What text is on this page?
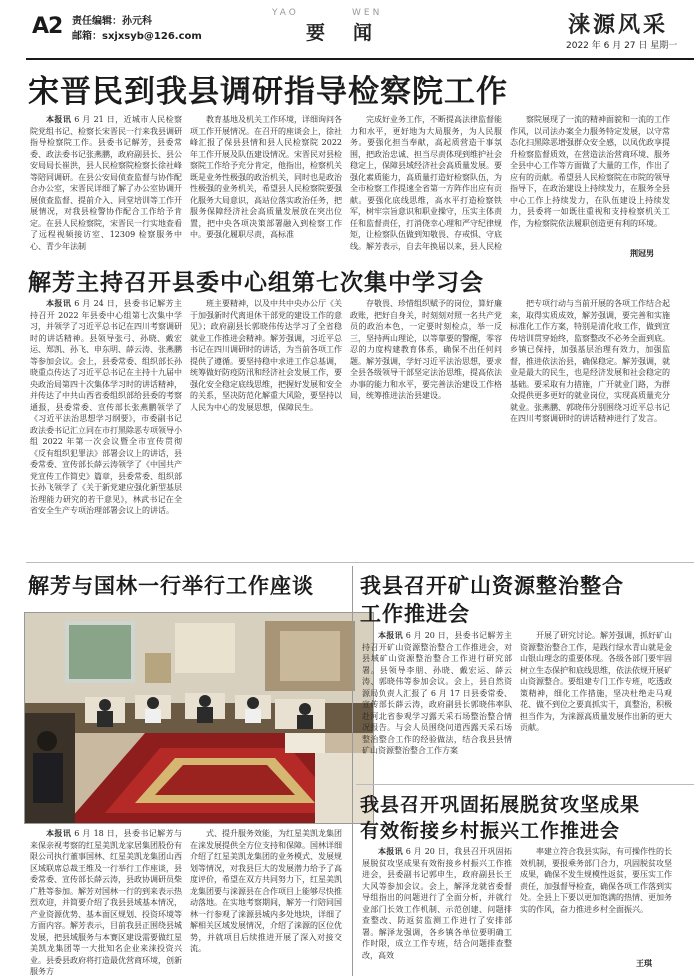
A2 责任编辑：孙元科
邮箱：sxjxsyb@126.com
YAO	WEN
要闻	涞源风采
2022 年 6 月 27 日 星期一
宋晋民到我县调研指导检察院工作

本报讯 6 月 21 日，近城市人民检察院党组书记、检察长宋晋民一行来我县调研指导检察院工作。县委书记解芳，县委常委、政法委书记张燕鹏，政府副县长、县公安局局长崔洪，县人民检察院检察长徐社峰等陪同调研。在县公安局侦查监督与协作配合办公室，宋晋民详细了解了办公室协调开展侦查监督、提前介入、同堂培训等工作开展情况，对我县检警协作配合工作给予肯定。在县人民检察院，宋晋民一行实地查看了远程视频接访室、12309 检察服务中心、青少年法制

教育基地及机关工作环境，详细询问各项工作开展情况。在召开的座谈会上，徐社峰汇报了保县县情和县人民检察院 2022 年工作开展及队伍建设情况。宋晋民对县检察院工作给予充分肯定，他指出，检察机关既是业务性极强的政治机关，同时也是政治性极强的业务机关，希望县人民检察院要强化服务大局意识，高站位落实政治任务，把服务保障经济社会高质量发展放在突出位置，把中央各项决策部署融入到检察工作中。要强化履职尽责，高标准

完成好业务工作，不断提高法律监督能力和水平，更好地为大局服务，为人民服务。要强化担当奉献，高起质营造干事氛围，把政治忠诚、担当尽责体现到维护社会稳定上，保障县域经济社会高质量发展。要强化素质能力，高质量打造好检察队伍，为全市检察工作提速全省第一方阵作出应有贡献。要强化底线思维，高水平打造检察铁军，树牢宗旨意识和职业操守，压实主体责任和监督责任，打消侥幸心理和严守纪律规矩，让检察队伍做到知敬畏、存戒惧、守底线。解芳表示，自去年换届以来，县人民检

察院展现了一流的精神面貌和一流的工作作风，以司法办案全力服务特定发展，以守常态化扫黑除恶增强群众安全感，以凤优政享提升检察监督质效，在营造法治营商环境、服务全县中心工作等方面做了大量的工作，作出了应有的贡献。希望县人民检察院在市院的领导指导下，在政治建设上持续发力，在服务全县中心工作上持续发力，在队伍建设上持续发力，县委将一如既往重视和支持检察机关工作，为检察院依法履职创造更有利的环境。

荆冠男
解芳主持召开县委中心组第七次集中学习会

本报讯 6 月 24 日，县委书记解芳主持召开 2022 年县委中心组第七次集中学习，并领学了习近平总书记在四川考察调研时的讲话精神。县领导张弓、孙晓、戴宏运、郑凯、孙飞、申东明、薛云涛、张燕鹏等参加会议。会上，县委常委、组织部长孙晓重点传达了习近平总书记在主持十九届中央政治局第四十次集体学习时的讲话精神，并传达了中共山西省委组织部给县委的考察通报，县委常委、宣传部长张燕鹏领学了《习近平法治思想学习纲要》，市委副书记政法委书记汇立同在市打黑除恶专项领导小组 2022 年第一次会议暨全市宣传贯彻《反有组织犯罪法》部署会议上的讲话，县委常委、宣传部长薛云涛领学了《中国共产党宣传工作简史》篇章，县委常委、组织部长孙飞领学了《关于新党建应强化新型基层治理能力研究的若干意见》，林武书记在全省安全生产专项治理部署会议上的讲话。

班主要精神，以及中共中央办公厅《关于加强新时代离退休干部党的建设工作的意见》；政府副县长郭晓伟传达学习了全省稳就业工作推进会精神。解芳强调，习近平总书记在四川调研时的讲话，为当前各项工作提供了遵循。要坚持稳中求进工作总基调，统筹做好防疫防汛和经济社会发展工作，要强化安全稳定底线思维，把握好发展和安全的关系，坚决防范化解重大风险，要坚持以人民为中心的发展思想，保障民生。

存敬畏、珍惜组织赋予的岗位，算好廉政账，把好自身关，时刻刻对照一名共产党员的政治本色，一定要时刻检点，举一反三，坚持两山理论，以等靠要的警醒，零容忍的力度构建教育体系，确保不出任何问题。解芳强调，学好习近平法治思想，要求全县各级领导干部坚定法治思维，提高依法办事的能力和水平，要完善法治建设工作格局，统筹推进法治县建设。

把专项行动与当前开展的各项工作结合起来，取得实质成效，解芳强调，要完善和实施标准化工作方案，特别是清化收工作，做到宣传培训贯穿始终，监察整改不必务全面到底。乡镇已保持，加强基层治理有效力，加强监督，推进依法治县，确保稳定。解芳强调，就业是最大的民生，也是经济发展和社会稳定的基础。要采取有力措施，广开就业门路，为群众提供更多更好的就业岗位，实现高质量充分就业。张燕鹏、郭晓伟分别围绕习近平总书记在四川考察调研时的讲话精神进行了发言。

解芳与国林一行举行工作座谈

本报讯 6 月 18 日，县委书记解芳与来保亲视考察的红星美凯龙家居集团股份有限公司执行董事国林、红星美凯龙集团山西区域联席总裁王维及一行举行工作座谈，县委常委、宣传部长薛云涛，县政协调研员柴广胜等参加。解芳对国林一行的到来表示热烈欢迎，并简要介绍了我县县域基本情况，产业资源优势、基本面区规划、投资环境等方面内容。解芳表示，目前我县正围绕县城发展，把县域服务与本赛区建设需要做红星美凯龙集团等一大批知名企业来涞投资兴业。县委县政府将打造最优营商环境，创新服务方

式、提升服务效能，为红星美凯龙集团在涞发展提供全方位支持和保障。国林详细介绍了红星美凯龙集团的业务模式、发展规划等情况，对我县巨大的发展潜力给予了高度评价，希望在双方共同努力下，红星美凯龙集团要与涞源县在合作项目上能够尽快推动落地。在实地考察期间，解芳一行陪同国林一行参观了涞源县城内多处地块，详细了解相关区域发展情况，介绍了涞源的区位优势，并就项目后续推进开展了深入对接交流。

我县召开矿山资源整治整合
工作推进会

本报讯 6 月 20 日，县委书记解芳主持召开矿山资源整治整合工作推进会，对县域矿山资源整治整合工作进行研究部署。县领导李朋、孙晓、戴宏运、薛云涛、郭晓伟等参加会议。会上，县自然资源局负责人汇报了 6 月 17 日县委常委、宣传部长薛云涛，政府副县长郭晓伟率队赴河北省参观学习露天采石场整治整合情况报告。与会人员围绕问道西露天采石场整治整合工作的经验做法，结合我县县情矿山资源整治整合工作方案

开展了研究讨论。解芳强调，抓好矿山资源整治整合工作，是践行绿水青山就是金山银山理念的重要体现。各级各部门要牢固树立生态保护和底线思维，依法依规开展矿山资源整合。要组建专门工作专班，吃透政策精神，细化工作措施，坚决杜绝走马观花、做不到位之要真抓实干，真整治，积极担当作为，为涞源高质量发展作出新的更大贡献。

我县召开巩固拓展脱贫攻坚成果
有效衔接乡村振兴工作推进会

本报讯 6 月 20 日，我县召开巩固拓展脱贫攻坚成果有效衔接乡村振兴工作推进会，县委副书记郭申生，政府副县长王大风等参加会议。会上，解泽龙就省委督导组指出的问题进行了全面分析，并就行业部门长效工作机制、示范创建、问题排查整改、防返贫监测工作进行了安排部署。解泽龙强调，各乡镇各单位要明确工作时限，成立工作专班，结合问题排查整改，高效

率建立符合我县实际，有可操作性的长效机制，要报乘务部门合力，巩固脱贫攻坚成果，确保不发生规模性返贫，要压实工作责任，加强督导检查，确保各项工作落到实处。全县上下要以更加饱满的热情、更加务实的作风，奋力推进乡村全面振兴。

王琪
